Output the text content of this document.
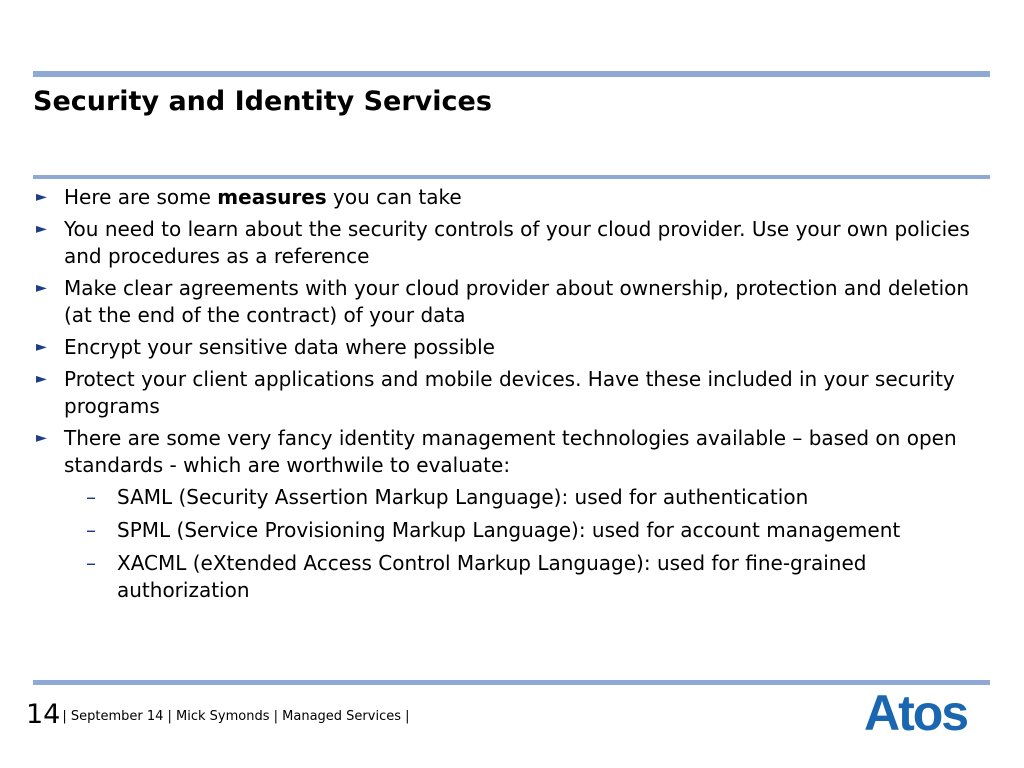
Security and Identity Services
► Here are some measures you can take
► You need to learn about the security controls of your cloud provider. Use your own policies and procedures as a reference
► Make clear agreements with your cloud provider about ownership, protection and deletion (at the end of the contract) of your data
► Encrypt your sensitive data where possible
► Protect your client applications and mobile devices. Have these included in your security programs
► There are some very fancy identity management technologies available – based on open standards - which are worthwile to evaluate:
– SAML (Security Assertion Markup Language): used for authentication
– SPML (Service Provisioning Markup Language): used for account management
– XACML (eXtended Access Control Markup Language): used for fine-grained authorization
14 | September 14 | Mick Symonds | Managed Services |	Atos
